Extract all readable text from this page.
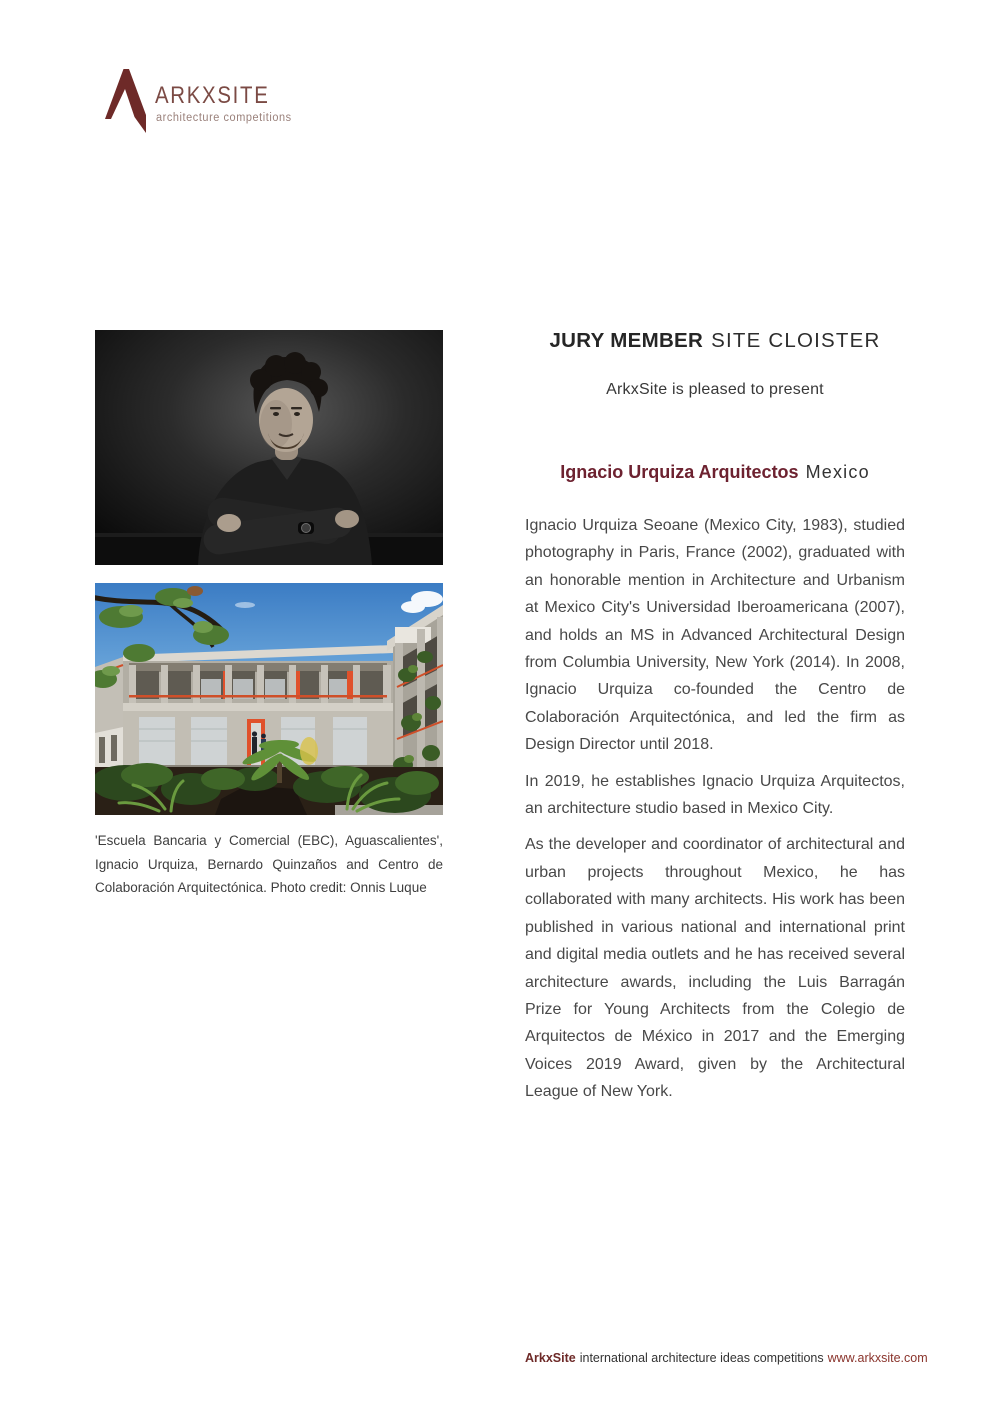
ARKXSITE
architecture competitions
'Escuela Bancaria y Comercial (EBC), Aguascalientes', Ignacio Urquiza, Bernardo Quinzaños and Centro de Colaboración Arquitectónica. Photo credit: Onnis Luque
JURY MEMBER SITE CLOISTER
ArkxSite is pleased to present
Ignacio Urquiza Arquitectos Mexico

Ignacio Urquiza Seoane (Mexico City, 1983), studied photography in Paris, France (2002), graduated with an honorable mention in Architecture and Urbanism at Mexico City's Universidad Iberoamericana (2007), and holds an MS in Advanced Architectural Design from Columbia University, New York (2014). In 2008, Ignacio Urquiza co-founded the Centro de Colaboración Arquitectónica, and led the firm as Design Director until 2018.

In 2019, he establishes Ignacio Urquiza Arquitectos, an architecture studio based in Mexico City.

As the developer and coordinator of architectural and urban projects throughout Mexico, he has collaborated with many architects. His work has been published in various national and international print and digital media outlets and he has received several architecture awards, including the Luis Barragán Prize for Young Architects from the Colegio de Arquitectos de México in 2017 and the Emerging Voices 2019 Award, given by the Architectural League of New York.

ArkxSite international architecture ideas competitions www.arkxsite.com
